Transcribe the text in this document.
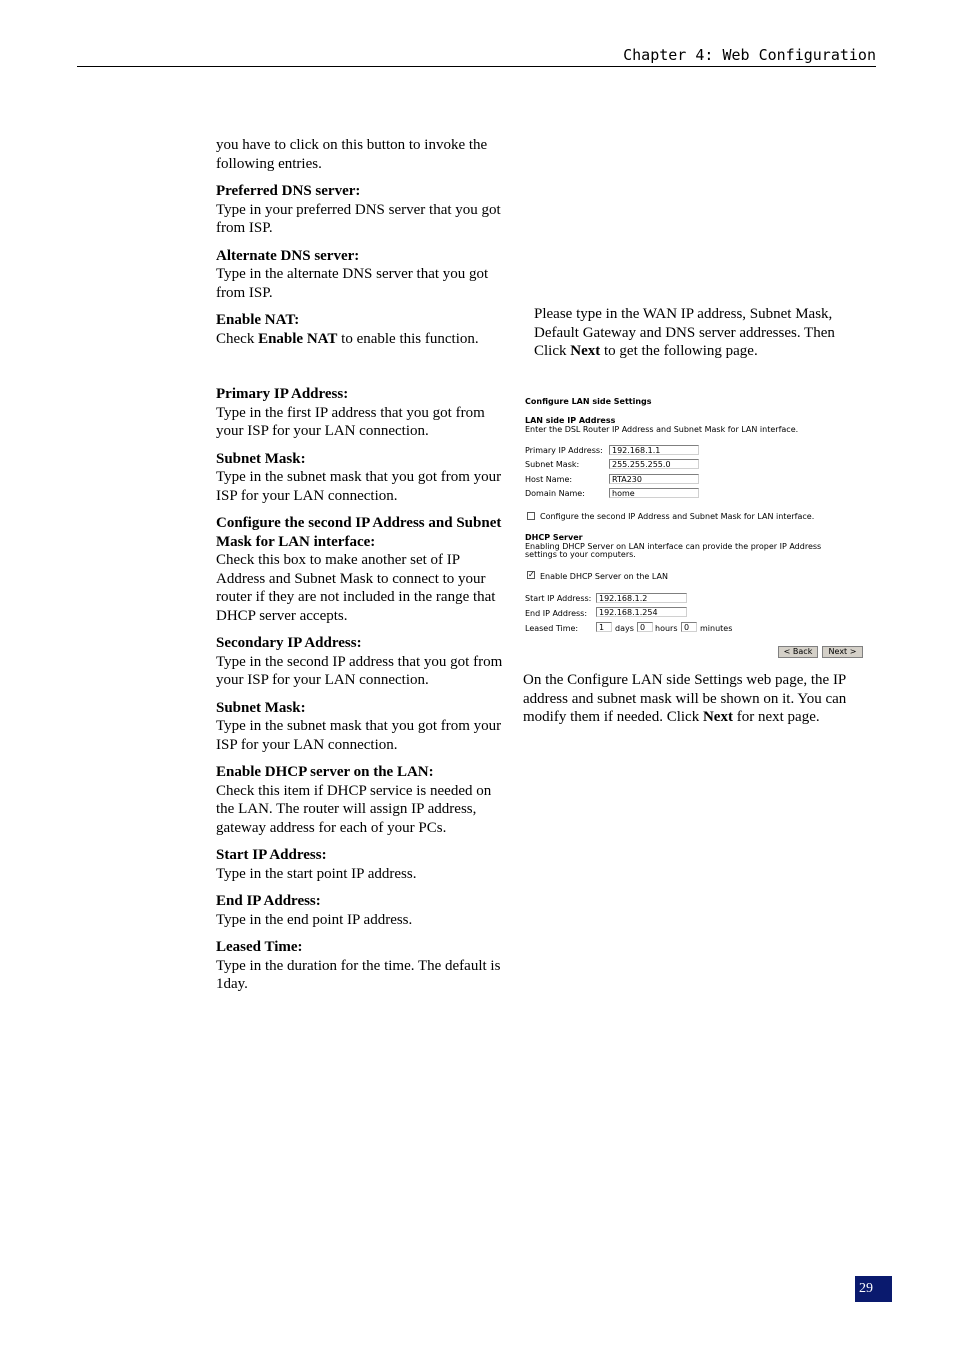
Chapter 4: Web Configuration
you have to click on this button to invoke the following entries.
Preferred DNS server:
Type in your preferred DNS server that you got from ISP.
Alternate DNS server:
Type in the alternate DNS server that you got from ISP.
Enable NAT:
Check Enable NAT to enable this function.
Primary IP Address:
Type in the first IP address that you got from your ISP for your LAN connection.
Subnet Mask:
Type in the subnet mask that you got from your ISP for your LAN connection.
Configure the second IP Address and Subnet Mask for LAN interface:
Check this box to make another set of IP Address and Subnet Mask to connect to your router if they are not included in the range that DHCP server accepts.
Secondary IP Address:
Type in the second IP address that you got from your ISP for your LAN connection.
Subnet Mask:
Type in the subnet mask that you got from your ISP for your LAN connection.
Enable DHCP server on the LAN:
Check this item if DHCP service is needed on the LAN. The router will assign IP address, gateway address for each of your PCs.
Start IP Address:
Type in the start point IP address.
End IP Address:
Type in the end point IP address.
Leased Time:
Type in the duration for the time. The default is 1day.
Please type in the WAN IP address, Subnet Mask, Default Gateway and DNS server addresses. Then Click Next to get the following page.
Configure LAN side Settings
LAN side IP Address
Enter the DSL Router IP Address and Subnet Mask for LAN interface.
Primary IP Address:	192.168.1.1
Subnet Mask:	255.255.255.0
Host Name:	RTA230
Domain Name:	home
Configure the second IP Address and Subnet Mask for LAN interface.
DHCP Server
Enabling DHCP Server on LAN interface can provide the proper IP Address
settings to your computers.
✓ Enable DHCP Server on the LAN
Start IP Address: 192.168.1.2
End IP Address:	192.168.1.254
Leased Time:	1	days 0	hours 0	minutes
< Back	Next >
On the Configure LAN side Settings web page, the IP address and subnet mask will be shown on it. You can modify them if needed. Click Next for next page.
29
